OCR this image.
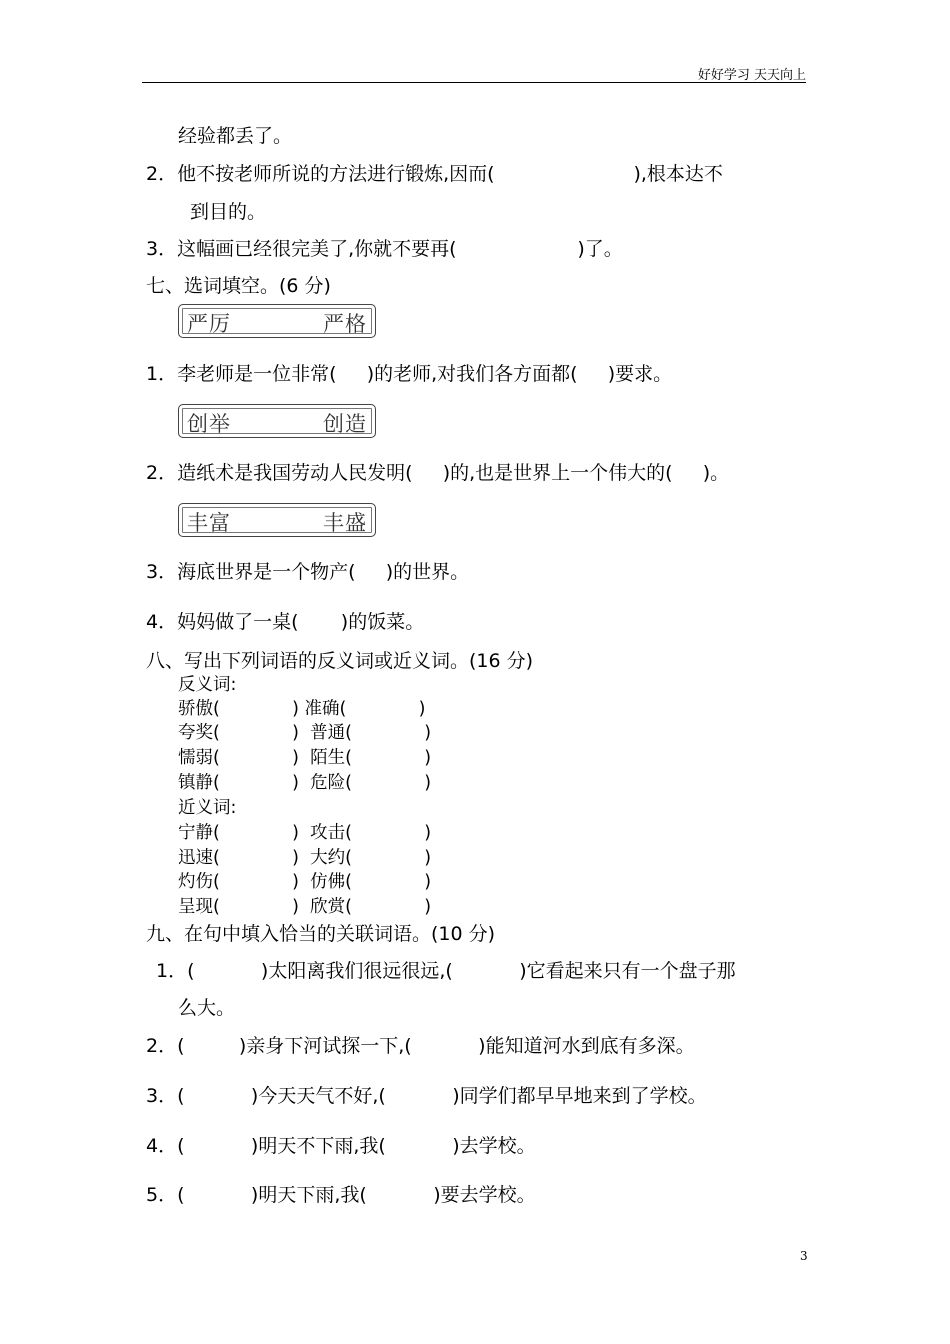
好好学习 天天向上
经验都丢了。
2．他不按老师所说的方法进行锻炼,因而(                       ),根本达不
到目的。
3．这幅画已经很完美了,你就不要再(                    )了。
七、选词填空。(6 分)
严厉	严格
1．李老师是一位非常(     )的老师,对我们各方面都(     )要求。
创举	创造
2．造纸术是我国劳动人民发明(     )的,也是世界上一个伟大的(     )。
丰富	丰盛
3．海底世界是一个物产(     )的世界。
4．妈妈做了一桌(       )的饭菜。
八、写出下列词语的反义词或近义词。(16 分)
反义词:
骄傲(             ) 准确(             )
夸奖(             )  普通(             )
懦弱(             )  陌生(             )
镇静(             )  危险(             )
近义词:
宁静(             )  攻击(             )
迅速(             )  大约(             )
灼伤(             )  仿佛(             )
呈现(             )  欣赏(             )
九、在句中填入恰当的关联词语。(10 分)
1．(           )太阳离我们很远很远,(           )它看起来只有一个盘子那
么大。
2．(         )亲身下河试探一下,(           )能知道河水到底有多深。
3．(           )今天天气不好,(           )同学们都早早地来到了学校。
4．(           )明天不下雨,我(           )去学校。
5．(           )明天下雨,我(           )要去学校。
3
